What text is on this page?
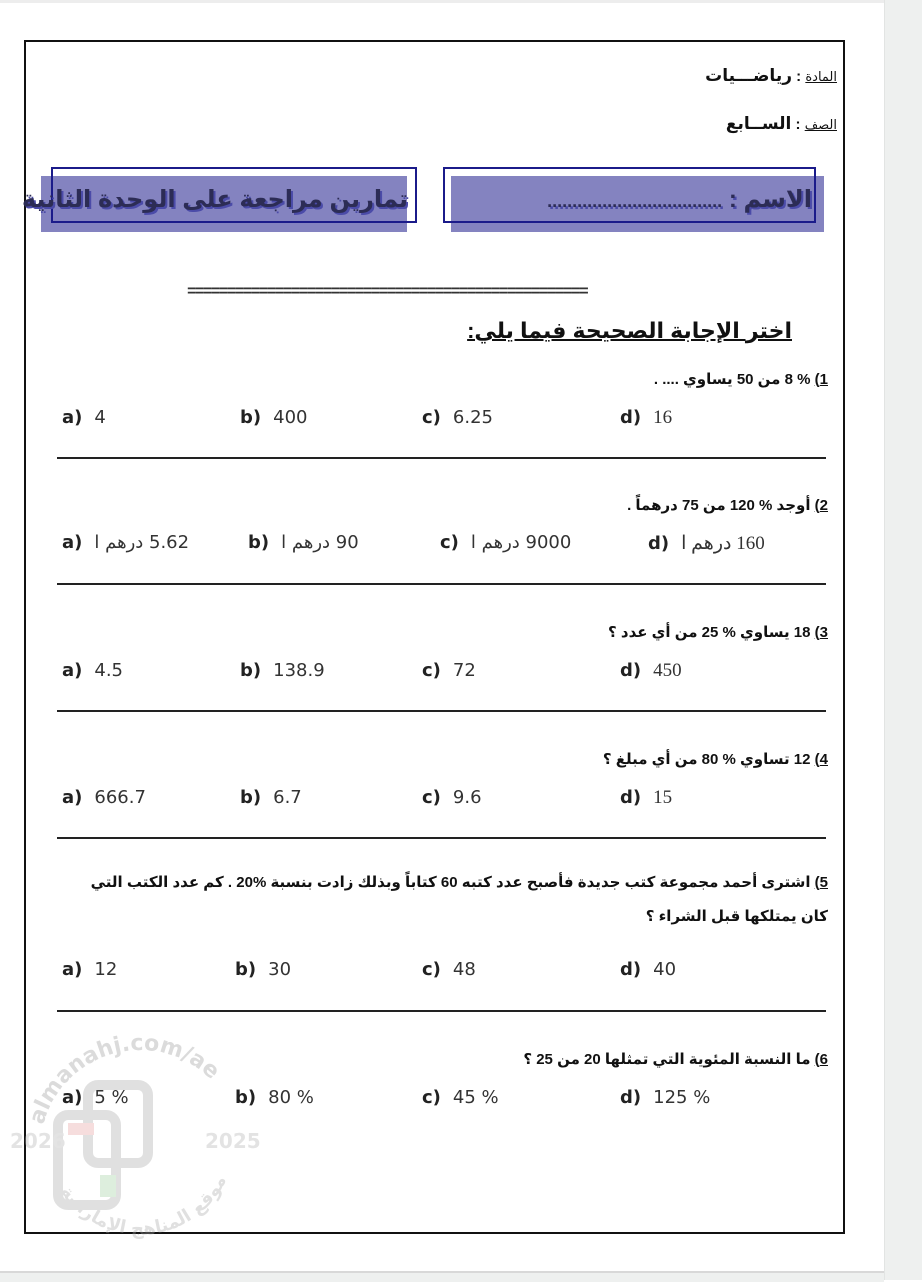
المادة : رياضـــيات
الصف : الســابع
تمارين مراجعة على الوحدة الثانية	الاسم : ...................................
==================================================
اختر الإجابة الصحيحة فيما يلي:
1) % 8 من 50 يساوي .... .
a) 4	b) 400	c) 6.25	d) 16
2) أوجد % 120 من 75 درهماً .
a) 5.62 درهم ا	b) 90 درهم ا	c) 9000 درهم ا	d) 160 درهم ا
3) 18 يساوي % 25 من أي عدد ؟
a) 4.5	b) 138.9	c) 72	d) 450
4) 12 تساوي % 80 من أي مبلغ ؟
a) 666.7	b) 6.7	c) 9.6	d) 15
5) اشترى أحمد مجموعة كتب جديدة فأصبح عدد كتبه 60 كتاباً وبذلك زادت بنسبة %20 . كم عدد الكتب التي كان يمتلكها قبل الشراء ؟
a) 12	b) 30	c) 48	d) 40
6) ما النسبة المئوية التي تمثلها 20 من 25 ؟
a) 5 %	b) 80 %	c) 45 %	d) 125 %
almanahj.com/ae
2026	2025
موقع المناهج الإماراتية
